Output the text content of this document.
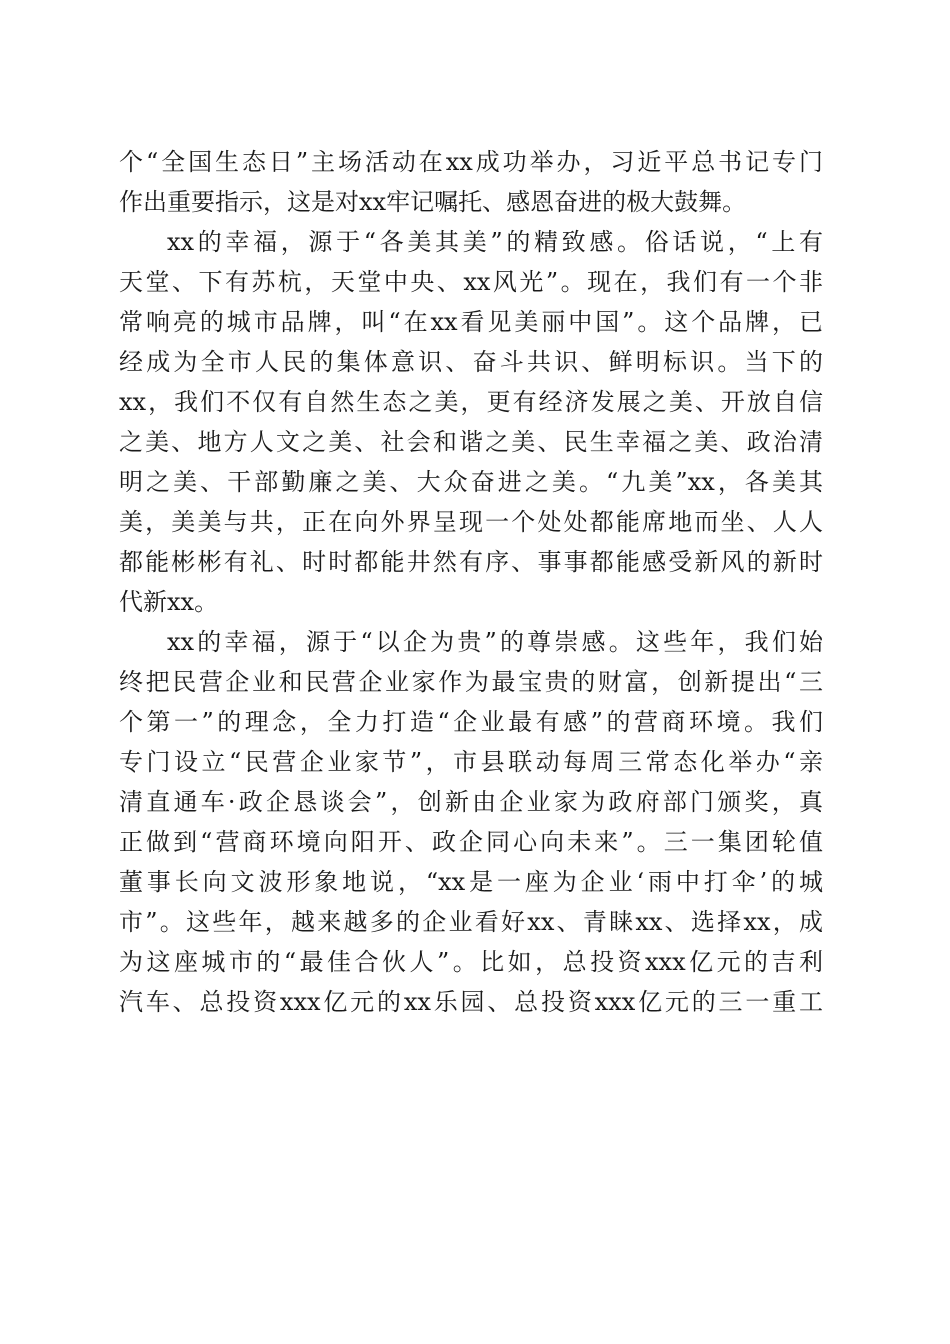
个“全国生态日”主场活动在xx成功举办，习近平总书记专门
作出重要指示，这是对xx牢记嘱托、感恩奋进的极大鼓舞。
xx的幸福，源于“各美其美”的精致感。俗话说，“上有
天堂、下有苏杭，天堂中央、xx风光”。现在，我们有一个非
常响亮的城市品牌，叫“在xx看见美丽中国”。这个品牌，已
经成为全市人民的集体意识、奋斗共识、鲜明标识。当下的
xx，我们不仅有自然生态之美，更有经济发展之美、开放自信
之美、地方人文之美、社会和谐之美、民生幸福之美、政治清
明之美、干部勤廉之美、大众奋进之美。“九美”xx，各美其
美，美美与共，正在向外界呈现一个处处都能席地而坐、人人
都能彬彬有礼、时时都能井然有序、事事都能感受新风的新时
代新xx。
xx的幸福，源于“以企为贵”的尊崇感。这些年，我们始
终把民营企业和民营企业家作为最宝贵的财富，创新提出“三
个第一”的理念，全力打造“企业最有感”的营商环境。我们
专门设立“民营企业家节”，市县联动每周三常态化举办“亲
清直通车·政企恳谈会”，创新由企业家为政府部门颁奖，真
正做到“营商环境向阳开、政企同心向未来”。三一集团轮值
董事长向文波形象地说，“xx是一座为企业‘雨中打伞’的城
市”。这些年，越来越多的企业看好xx、青睐xx、选择xx，成
为这座城市的“最佳合伙人”。比如，总投资xxx亿元的吉利
汽车、总投资xxx亿元的xx乐园、总投资xxx亿元的三一重工
